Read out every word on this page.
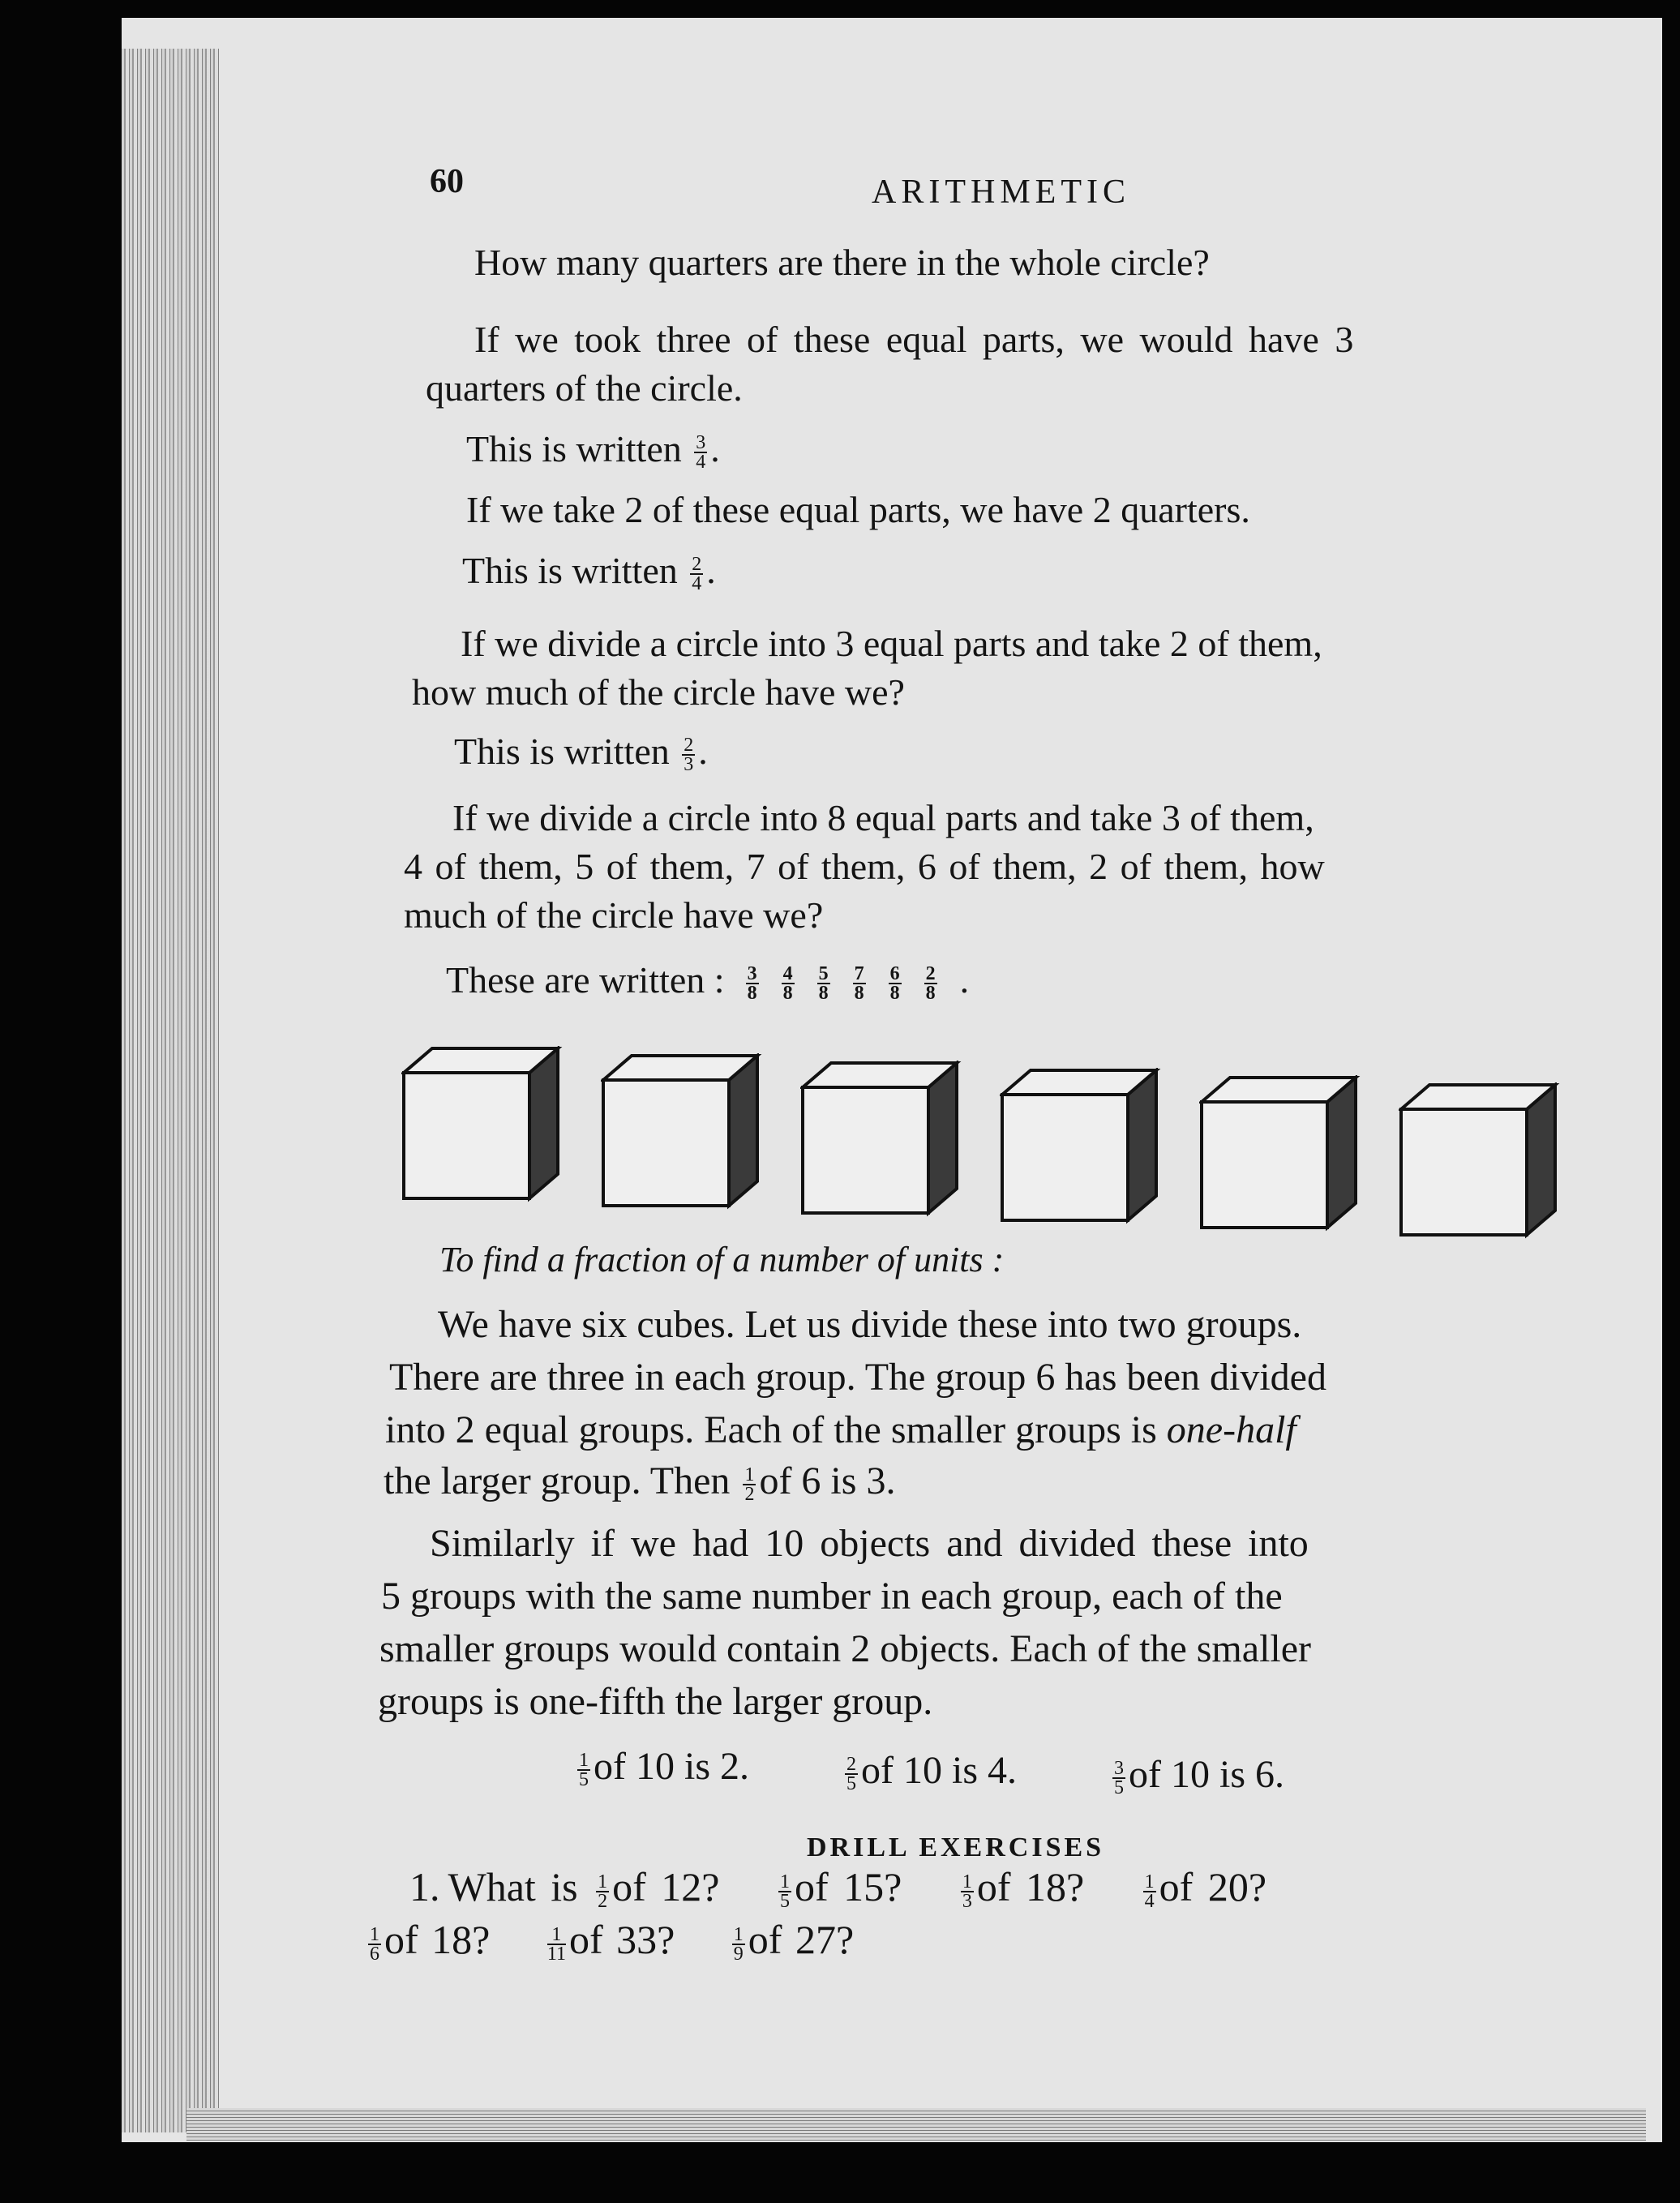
60	ARITHMETIC
How many quarters are there in the whole circle?
If we took three of these equal parts, we would have 3
quarters of the circle.
This is written $\frac{3}{4}$ .
If we take 2 of these equal parts, we have 2 quarters.
This is written $\frac{2}{4}$ .
If we divide a circle into 3 equal parts and take 2 of them,
how much of the circle have we?
This is written $\frac{2}{3}$ .
If we divide a circle into 8 equal parts and take 3 of them,
4 of them, 5 of them, 7 of them, 6 of them, 2 of them, how
much of the circle have we?
These are written : $\frac{3}{8} \frac{4}{8} \frac{5}{8} \frac{7}{8} \frac{6}{8} \frac{2}{8}$ .
To find a fraction of a number of units :
We have six cubes. Let us divide these into two groups.
There are three in each group. The group 6 has been divided
into 2 equal groups. Each of the smaller groups is one-half
the larger group. Then $\frac{1}{2}$ of 6 is 3.
Similarly if we had 10 objects and divided these into
5 groups with the same number in each group, each of the
smaller groups would contain 2 objects. Each of the smaller
groups is one-fifth the larger group.
$\frac{1}{5}$ of 10 is 2.	$\frac{2}{5}$ of 10 is 4.	$\frac{3}{5}$ of 10 is 6.
DRILL EXERCISES
1. What is $\frac{1}{2}$ of 12?	$\frac{1}{5}$ of 15?	$\frac{1}{3}$ of 18?	$\frac{1}{4}$ of 20?
$\frac{1}{6}$ of 18?	$\frac{1}{11}$ of 33?	$\frac{1}{9}$ of 27?
